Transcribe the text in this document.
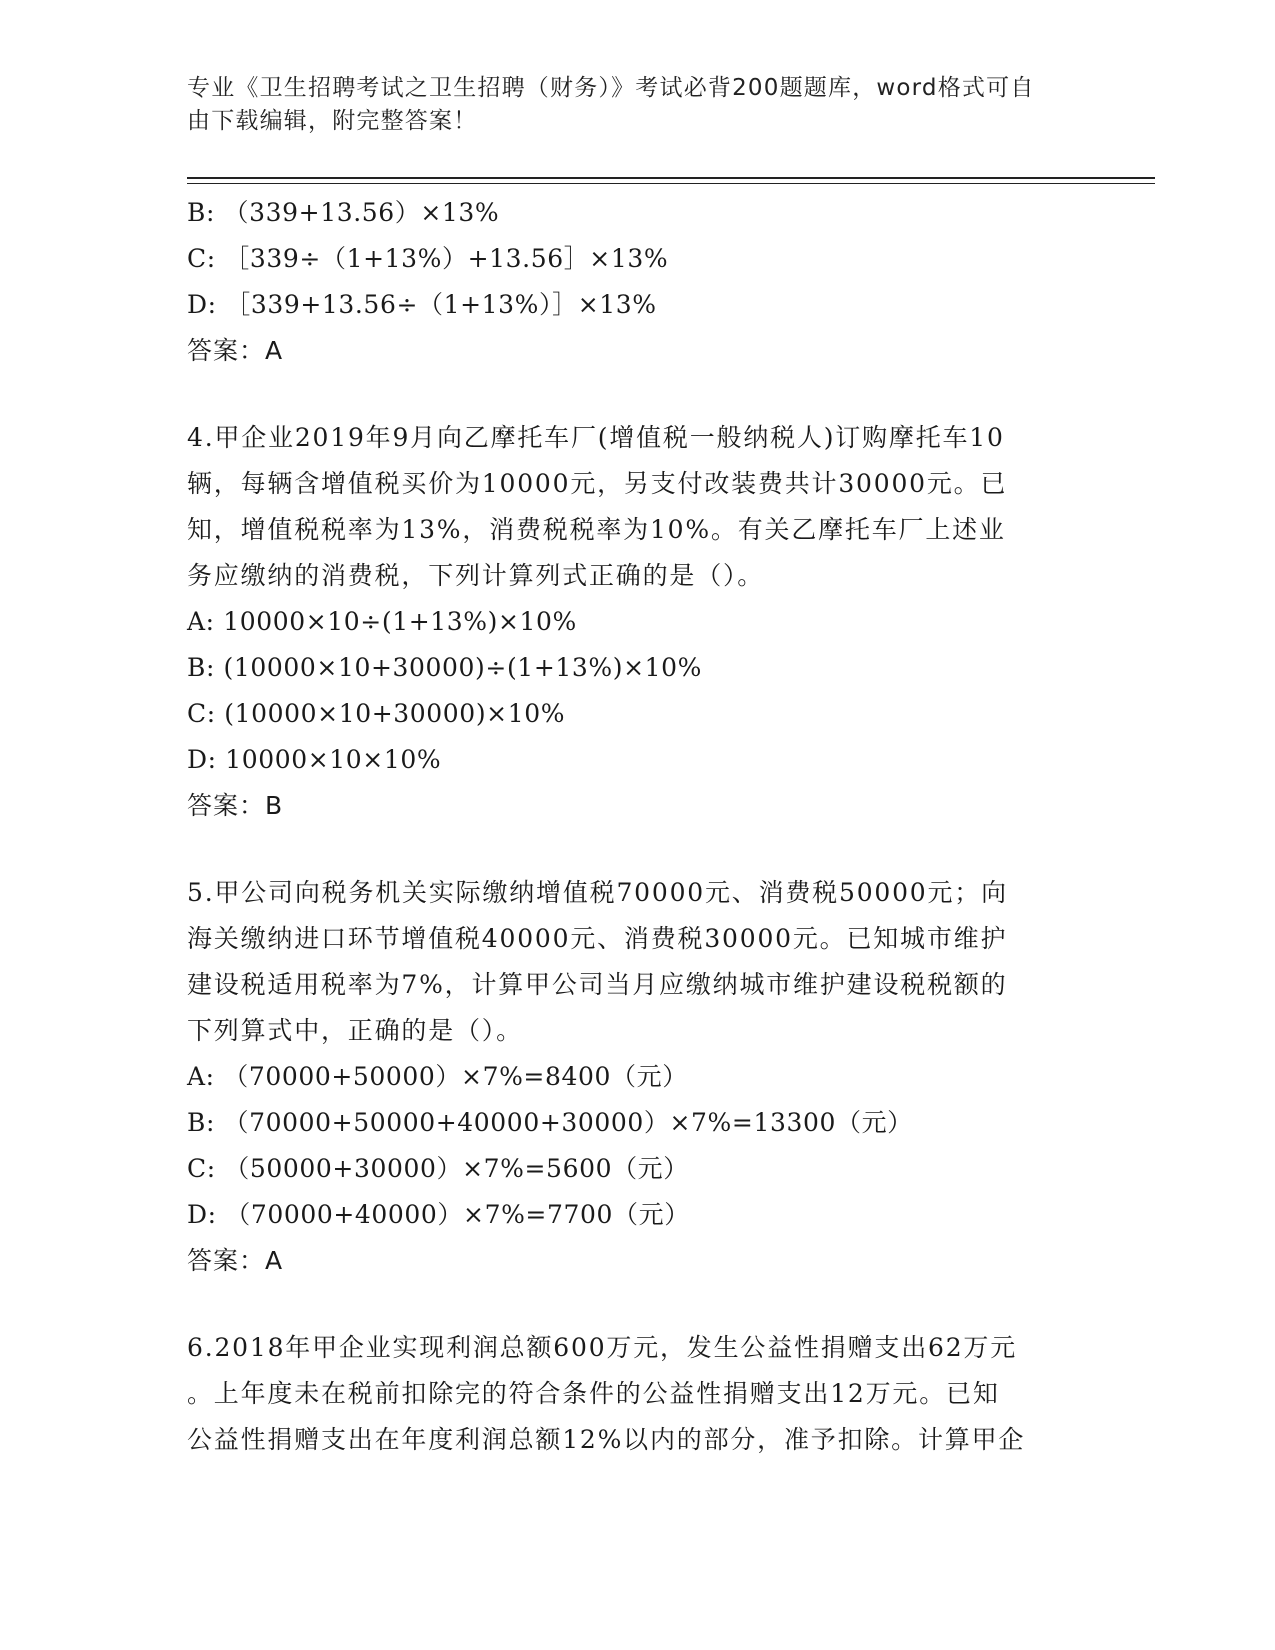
专业《卫生招聘考试之卫生招聘（财务）》考试必背200题题库，word格式可自
由下载编辑，附完整答案！
B: （339+13.56）×13%
C: ［339÷（1+13%）+13.56］×13%
D: ［339+13.56÷（1+13%）］×13%
答案：A
4.甲企业2019年9月向乙摩托车厂(增值税一般纳税人)订购摩托车10
辆，每辆含增值税买价为10000元，另支付改装费共计30000元。已
知，增值税税率为13%，消费税税率为10%。有关乙摩托车厂上述业
务应缴纳的消费税，下列计算列式正确的是（）。
A: 10000×10÷(1+13%)×10%
B: (10000×10+30000)÷(1+13%)×10%
C: (10000×10+30000)×10%
D: 10000×10×10%
答案：B
5.甲公司向税务机关实际缴纳增值税70000元、消费税50000元；向
海关缴纳进口环节增值税40000元、消费税30000元。已知城市维护
建设税适用税率为7%，计算甲公司当月应缴纳城市维护建设税税额的
下列算式中，正确的是（）。
A: （70000+50000）×7%=8400（元）
B: （70000+50000+40000+30000）×7%=13300（元）
C: （50000+30000）×7%=5600（元）
D: （70000+40000）×7%=7700（元）
答案：A
6.2018年甲企业实现利润总额600万元，发生公益性捐赠支出62万元
。上年度未在税前扣除完的符合条件的公益性捐赠支出12万元。已知
公益性捐赠支出在年度利润总额12%以内的部分，准予扣除。计算甲企
